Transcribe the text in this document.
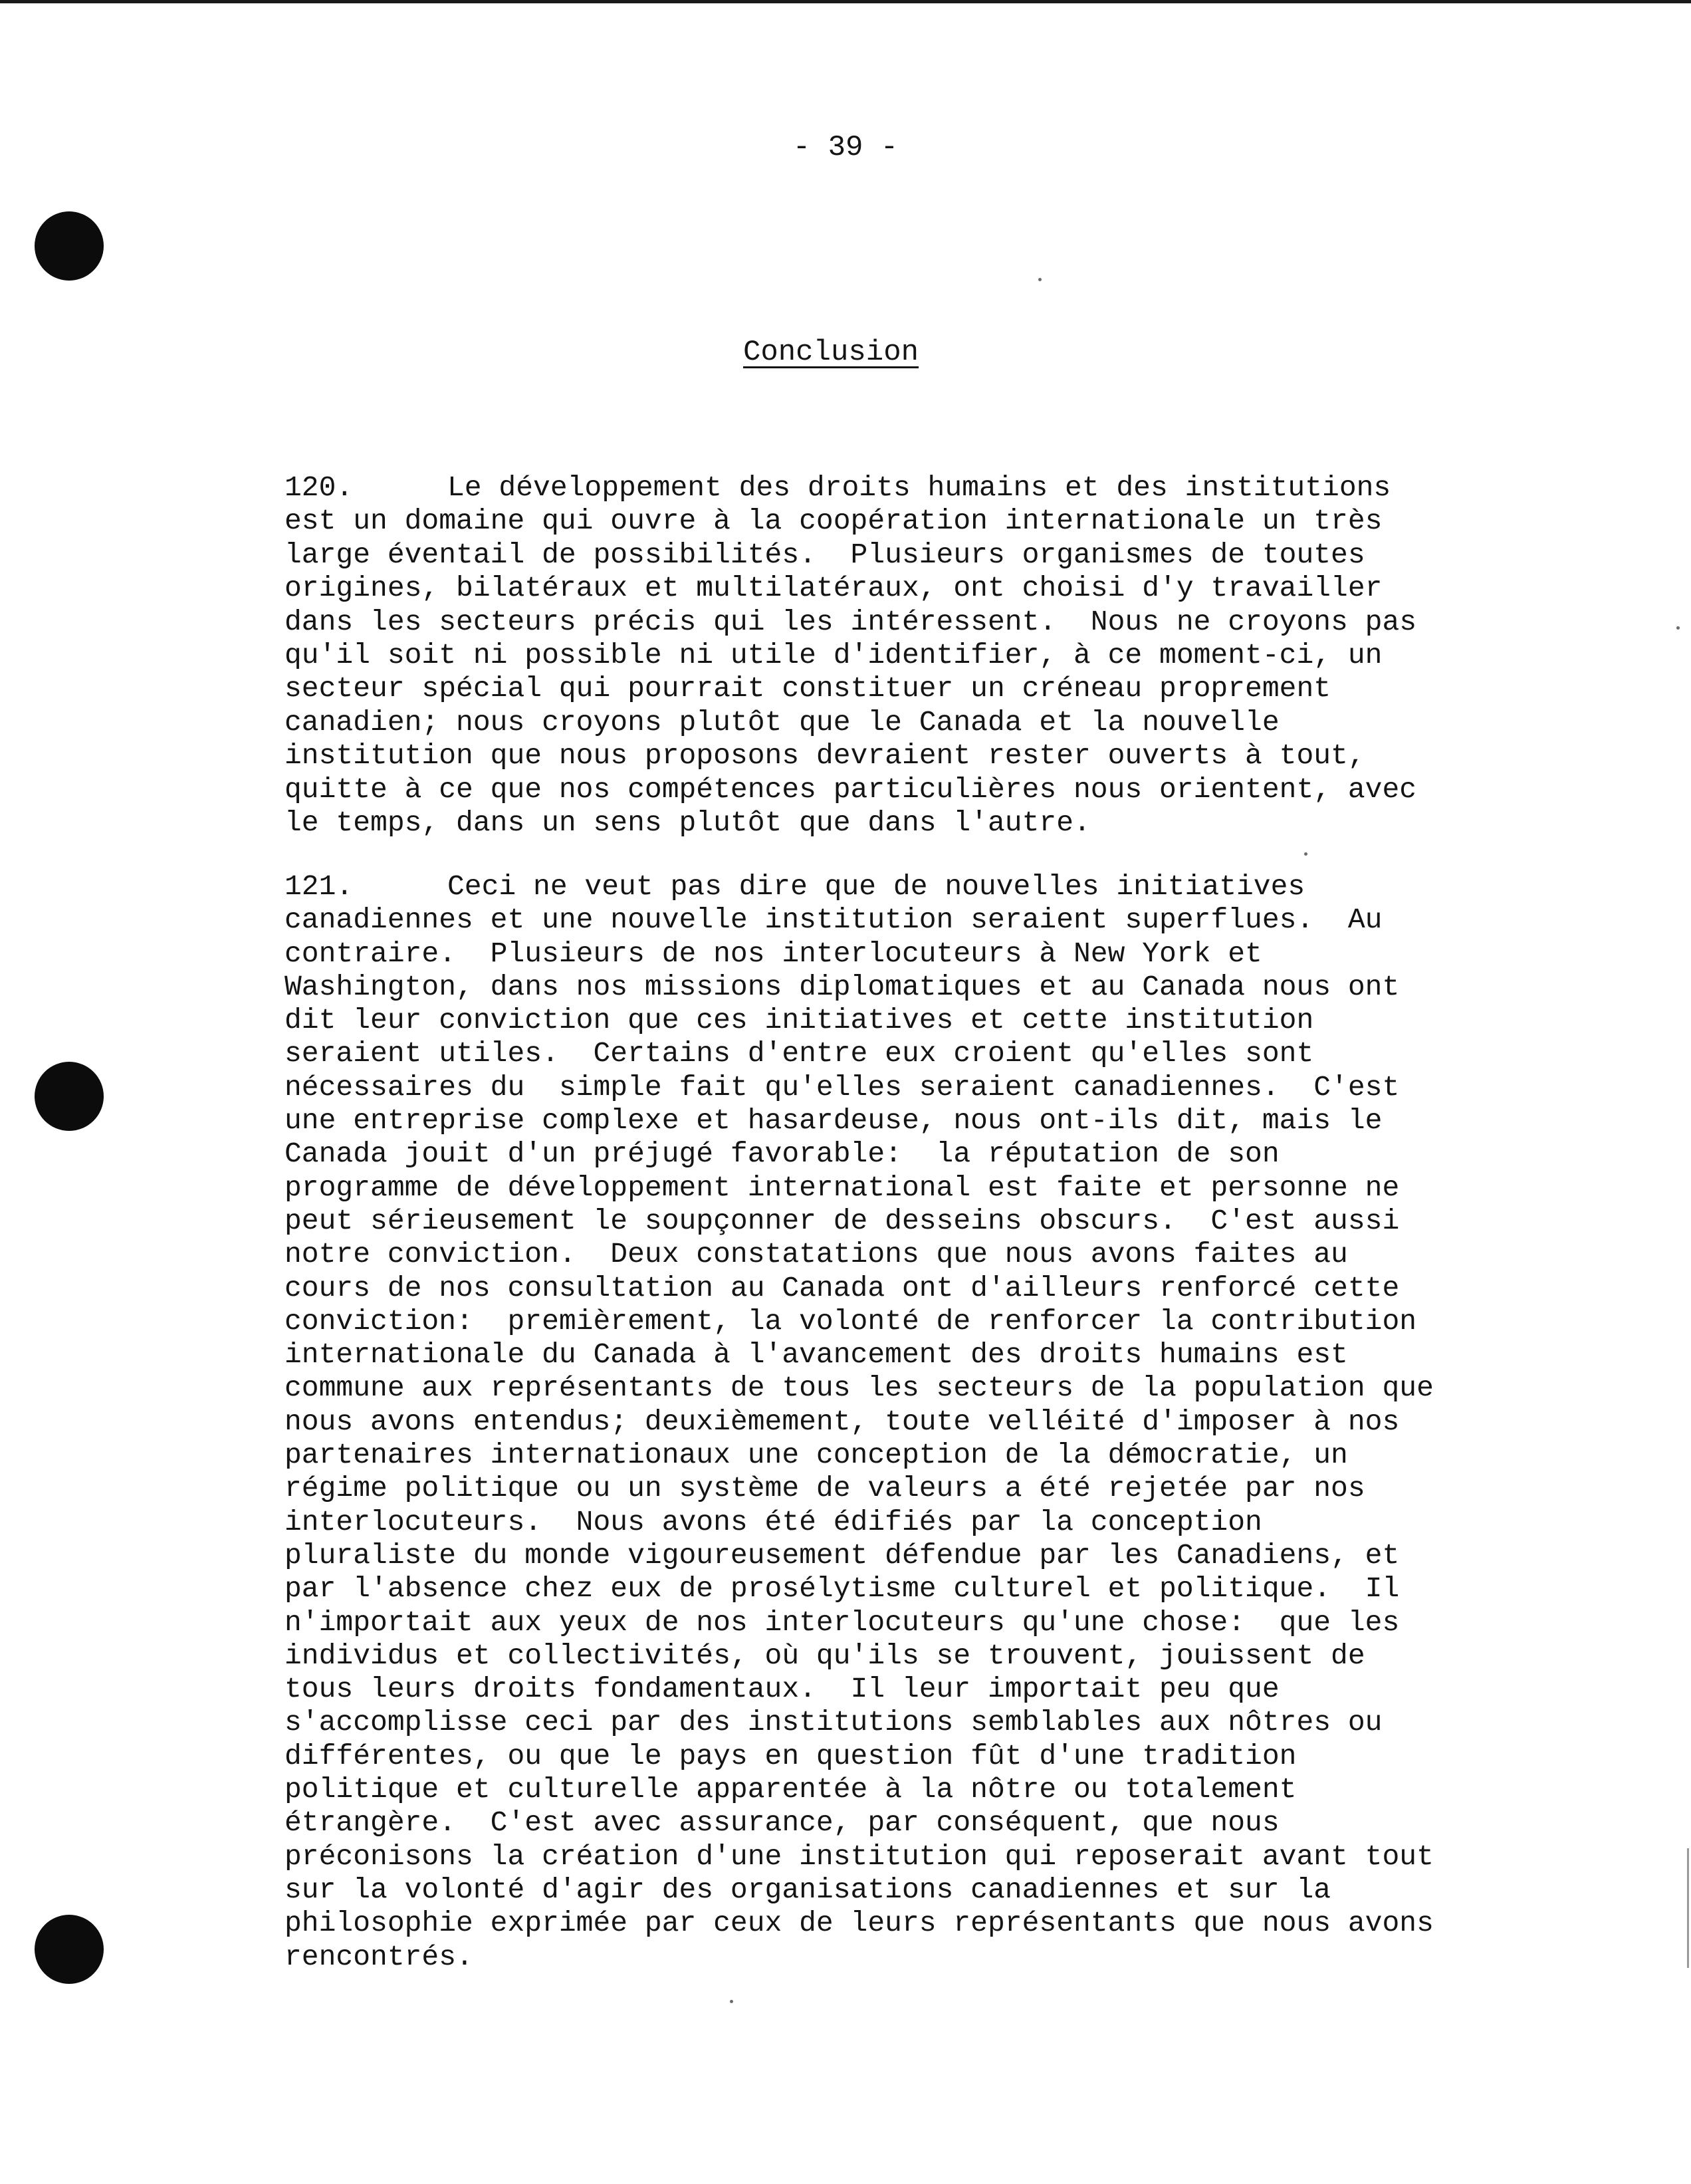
- 39 -
Conclusion
120.	Le développement des droits humains et des institutions
est un domaine qui ouvre à la coopération internationale un très
large éventail de possibilités.  Plusieurs organismes de toutes
origines, bilatéraux et multilatéraux, ont choisi d'y travailler
dans les secteurs précis qui les intéressent.  Nous ne croyons pas
qu'il soit ni possible ni utile d'identifier, à ce moment-ci, un
secteur spécial qui pourrait constituer un créneau proprement
canadien; nous croyons plutôt que le Canada et la nouvelle
institution que nous proposons devraient rester ouverts à tout,
quitte à ce que nos compétences particulières nous orientent, avec
le temps, dans un sens plutôt que dans l'autre.
121.	Ceci ne veut pas dire que de nouvelles initiatives
canadiennes et une nouvelle institution seraient superflues.  Au
contraire.  Plusieurs de nos interlocuteurs à New York et
Washington, dans nos missions diplomatiques et au Canada nous ont
dit leur conviction que ces initiatives et cette institution
seraient utiles.  Certains d'entre eux croient qu'elles sont
nécessaires du  simple fait qu'elles seraient canadiennes.  C'est
une entreprise complexe et hasardeuse, nous ont-ils dit, mais le
Canada jouit d'un préjugé favorable:  la réputation de son
programme de développement international est faite et personne ne
peut sérieusement le soupçonner de desseins obscurs.  C'est aussi
notre conviction.  Deux constatations que nous avons faites au
cours de nos consultation au Canada ont d'ailleurs renforcé cette
conviction:  premièrement, la volonté de renforcer la contribution
internationale du Canada à l'avancement des droits humains est
commune aux représentants de tous les secteurs de la population que
nous avons entendus; deuxièmement, toute velléité d'imposer à nos
partenaires internationaux une conception de la démocratie, un
régime politique ou un système de valeurs a été rejetée par nos
interlocuteurs.  Nous avons été édifiés par la conception
pluraliste du monde vigoureusement défendue par les Canadiens, et
par l'absence chez eux de prosélytisme culturel et politique.  Il
n'importait aux yeux de nos interlocuteurs qu'une chose:  que les
individus et collectivités, où qu'ils se trouvent, jouissent de
tous leurs droits fondamentaux.  Il leur importait peu que
s'accomplisse ceci par des institutions semblables aux nôtres ou
différentes, ou que le pays en question fût d'une tradition
politique et culturelle apparentée à la nôtre ou totalement
étrangère.  C'est avec assurance, par conséquent, que nous
préconisons la création d'une institution qui reposerait avant tout
sur la volonté d'agir des organisations canadiennes et sur la
philosophie exprimée par ceux de leurs représentants que nous avons
rencontrés.
